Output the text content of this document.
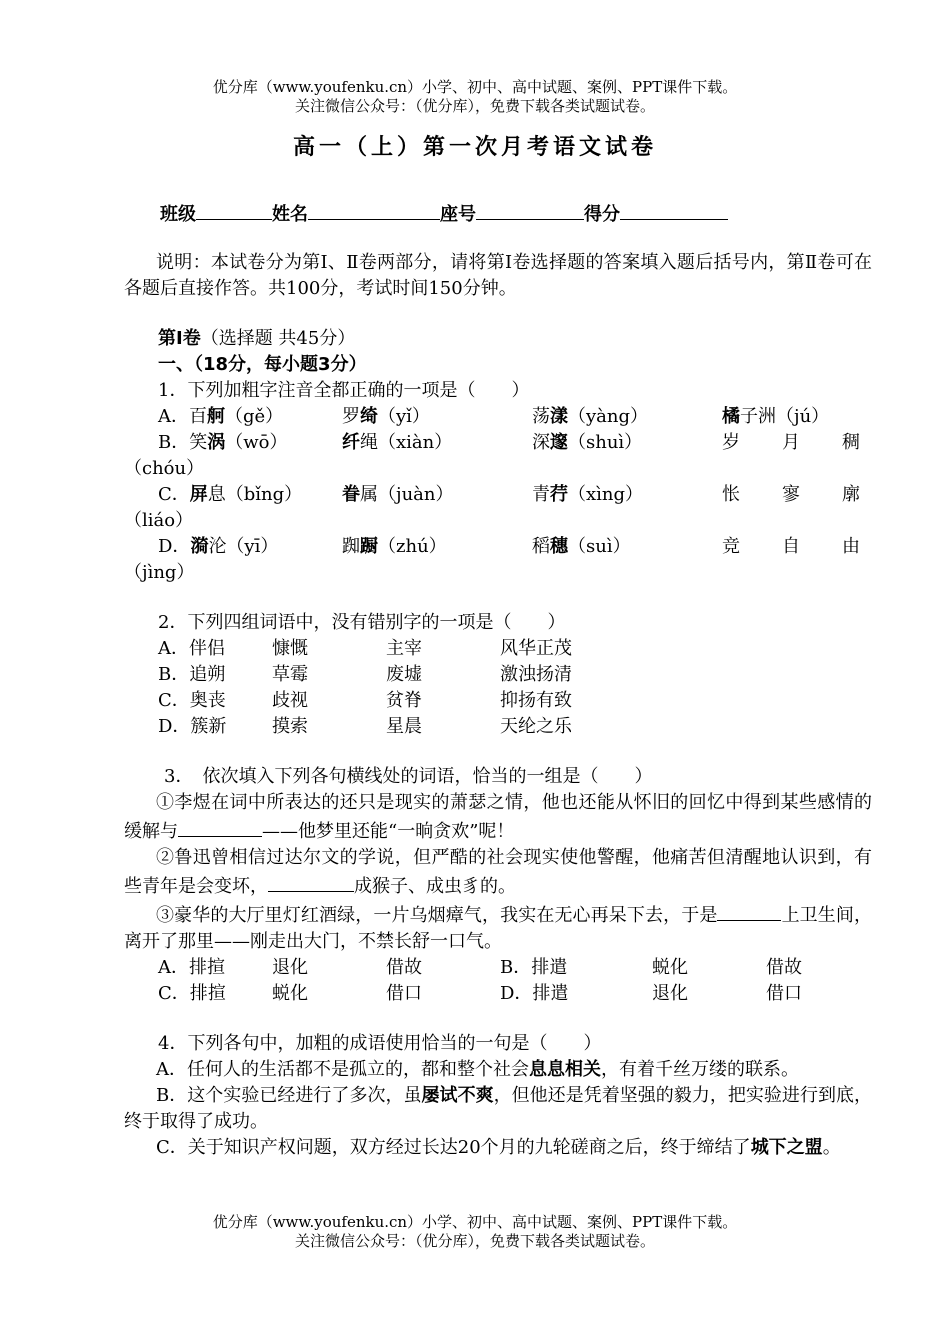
优分库（www.youfenku.cn）小学、初中、高中试题、案例、PPT课件下载。
关注微信公众号：（优分库），免费下载各类试题试卷。
高一（上）第一次月考语文试卷
班级	姓名	座号	得分

说明：本试卷分为第Ⅰ、Ⅱ卷两部分，请将第Ⅰ卷选择题的答案填入题后括号内，第Ⅱ卷可在各题后直接作答。共100分，考试时间150分钟。

第Ⅰ卷（选择题 共45分）

一、（18分，每小题3分）

1．下列加粗字注音全都正确的一项是（　　）

A．百舸（gě）	罗绮（yǐ）	荡漾（yàng）	橘子洲（jú）
B．笑涡（wō）	纤绳（xiàn）	深邃（shuì）	岁月稠

（chóu）

C．屏息（bǐng）	眷属（juàn）	青荇（xìng）	怅寥廓

（liáo）

D．漪沦（yī）	踟蹰（zhú）	稻穗（suì）	竞自由

（jìng）

2．下列四组词语中，没有错别字的一项是（　　）

A．伴侣	慷慨	主宰	风华正茂
B．追朔	草霉	废墟	激浊扬清
C．奥丧	歧视	贫脊	抑扬有致
D．簇新	摸索	星晨	天纶之乐

3．　依次填入下列各句横线处的词语，恰当的一组是（　　）

①李煜在词中所表达的还只是现实的萧瑟之情，他也还能从怀旧的回忆中得到某些感情的缓解与	——他梦里还能“一晌贪欢”呢！

②鲁迅曾相信过达尔文的学说，但严酷的社会现实使他警醒，他痛苦但清醒地认识到，有些青年是会变坏，	成猴子、成虫豸的。

③豪华的大厅里灯红酒绿，一片乌烟瘴气，我实在无心再呆下去，于是	上卫生间，离开了那里——刚走出大门，不禁长舒一口气。

A．排揎	退化	借故	B．排遣	蜕化	借故
C．排揎	蜕化	借口	D．排遣	退化	借口

4．下列各句中，加粗的成语使用恰当的一句是（　　）

A．任何人的生活都不是孤立的，都和整个社会息息相关，有着千丝万缕的联系。

B．这个实验已经进行了多次，虽屡试不爽，但他还是凭着坚强的毅力，把实验进行到底，终于取得了成功。

C．关于知识产权问题，双方经过长达20个月的九轮磋商之后，终于缔结了城下之盟。

优分库（www.youfenku.cn）小学、初中、高中试题、案例、PPT课件下载。
关注微信公众号：（优分库），免费下载各类试题试卷。
